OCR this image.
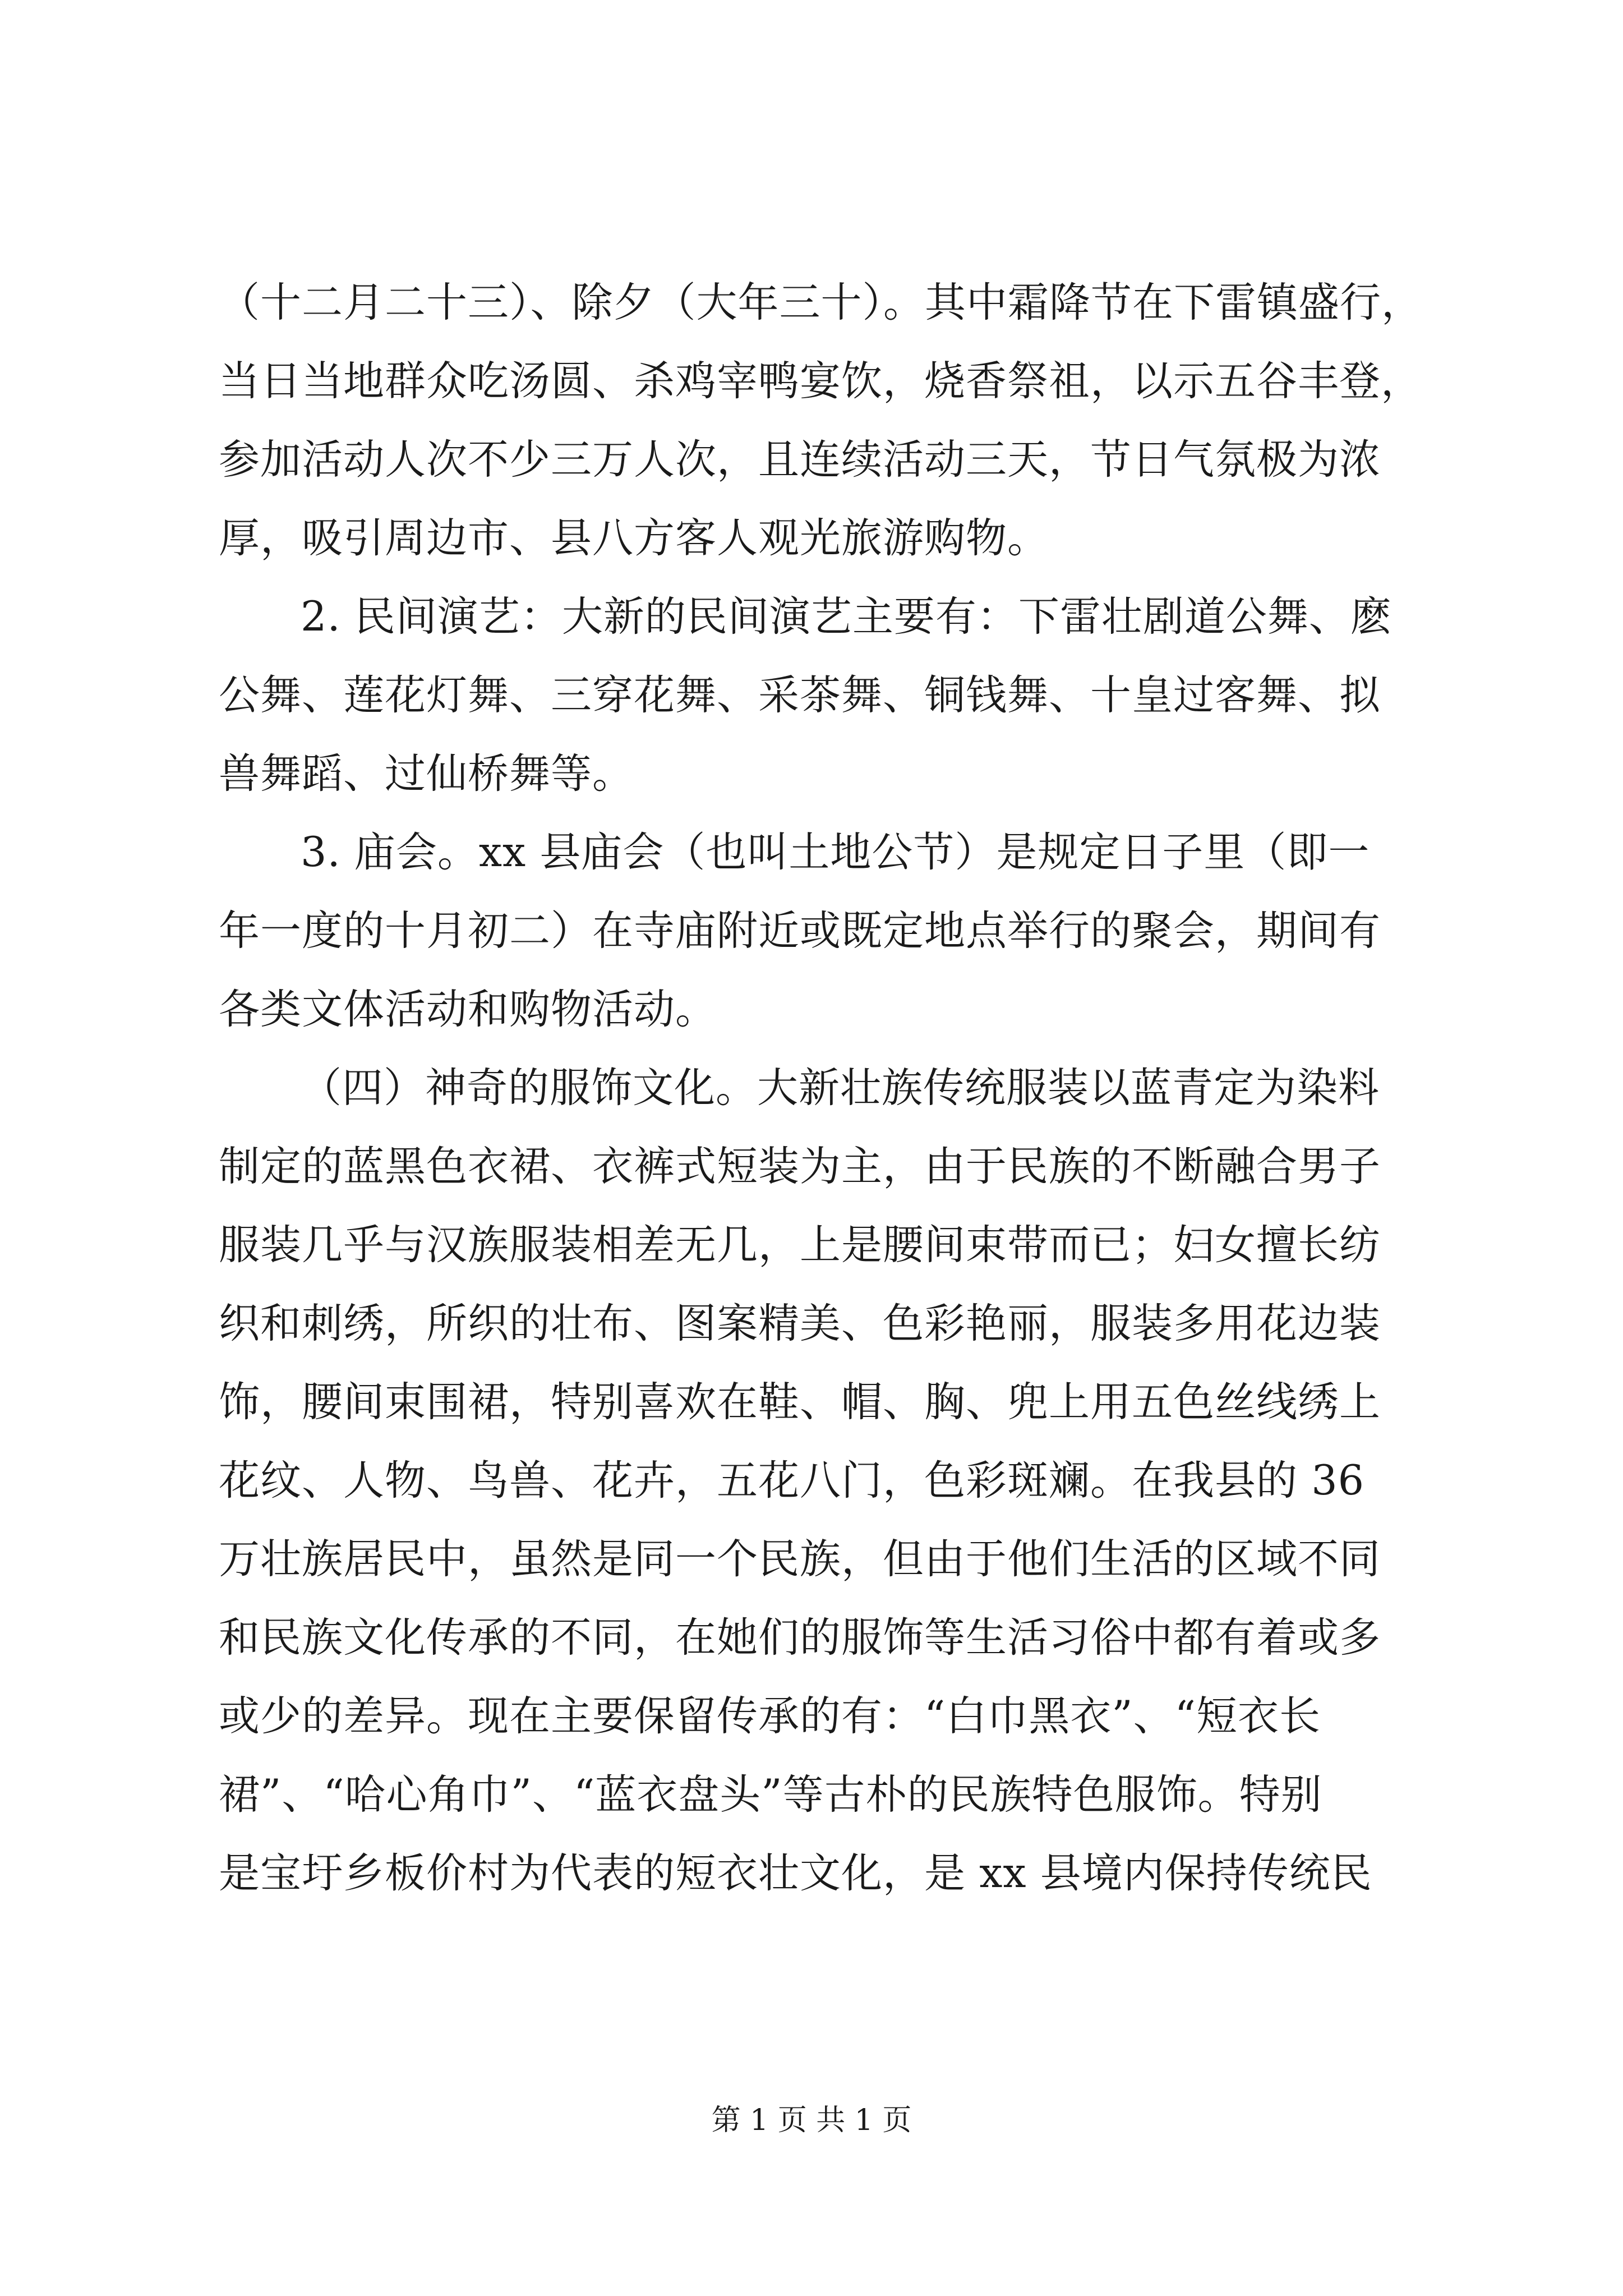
（十二月二十三）、除夕（大年三十）。其中霜降节在下雷镇盛行，
当日当地群众吃汤圆、杀鸡宰鸭宴饮，烧香祭祖，以示五谷丰登，
参加活动人次不少三万人次，且连续活动三天，节日气氛极为浓
厚，吸引周边市、县八方客人观光旅游购物。
2. 民间演艺：大新的民间演艺主要有：下雷壮剧道公舞、麽
公舞、莲花灯舞、三穿花舞、采茶舞、铜钱舞、十皇过客舞、拟
兽舞蹈、过仙桥舞等。
3. 庙会。xx 县庙会（也叫土地公节）是规定日子里（即一
年一度的十月初二）在寺庙附近或既定地点举行的聚会，期间有
各类文体活动和购物活动。
（四）神奇的服饰文化。大新壮族传统服装以蓝青定为染料
制定的蓝黑色衣裙、衣裤式短装为主，由于民族的不断融合男子
服装几乎与汉族服装相差无几，上是腰间束带而已；妇女擅长纺
织和刺绣，所织的壮布、图案精美、色彩艳丽，服装多用花边装
饰，腰间束围裙，特别喜欢在鞋、帽、胸、兜上用五色丝线绣上
花纹、人物、鸟兽、花卉，五花八门，色彩斑斓。在我县的 36
万壮族居民中，虽然是同一个民族，但由于他们生活的区域不同
和民族文化传承的不同，在她们的服饰等生活习俗中都有着或多
或少的差异。现在主要保留传承的有：“白巾黑衣”、“短衣长
裙”、“哈心角巾”、“蓝衣盘头”等古朴的民族特色服饰。特别
是宝圩乡板价村为代表的短衣壮文化，是 xx 县境内保持传统民
第 1 页 共 1 页
